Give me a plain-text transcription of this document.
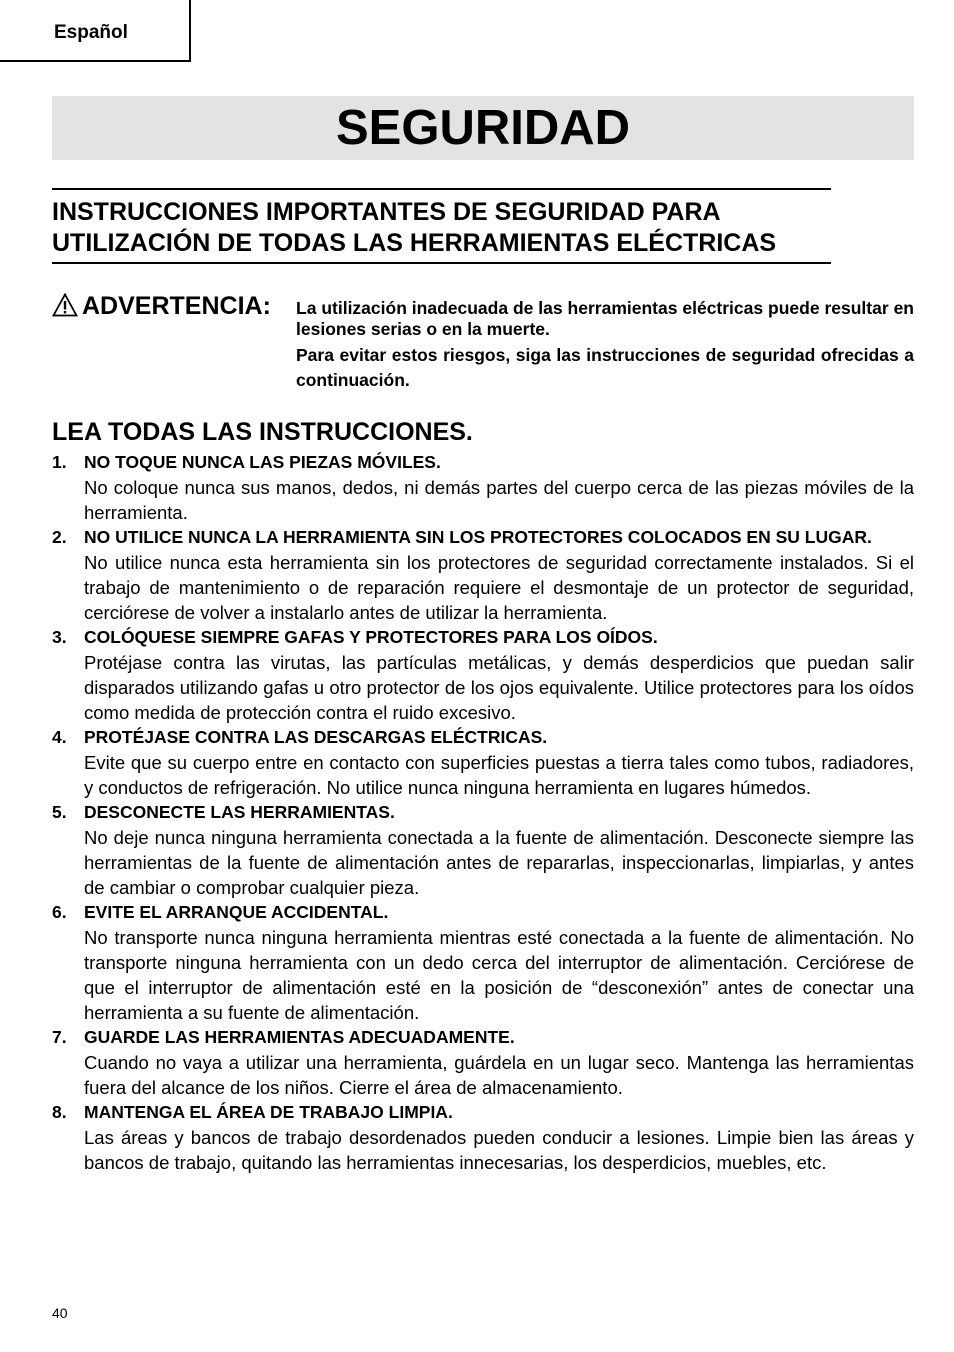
Español
SEGURIDAD
INSTRUCCIONES IMPORTANTES DE SEGURIDAD PARA
UTILIZACIÓN DE TODAS LAS HERRAMIENTAS ELÉCTRICAS
ADVERTENCIA: La utilización inadecuada de las herramientas eléctricas puede resultar en lesiones serias o en la muerte.

Para evitar estos riesgos, siga las instrucciones de seguridad ofrecidas a continuación.

LEA TODAS LAS INSTRUCCIONES.
1. NO TOQUE NUNCA LAS PIEZAS MÓVILES.
No coloque nunca sus manos, dedos, ni demás partes del cuerpo cerca de las piezas móviles de la herramienta.
2. NO UTILICE NUNCA LA HERRAMIENTA SIN LOS PROTECTORES COLOCADOS EN SU LUGAR.
No utilice nunca esta herramienta sin los protectores de seguridad correctamente instalados. Si el trabajo de mantenimiento o de reparación requiere el desmontaje de un protector de seguridad, cerciórese de volver a instalarlo antes de utilizar la herramienta.
3. COLÓQUESE SIEMPRE GAFAS Y PROTECTORES PARA LOS OÍDOS.
Protéjase contra las virutas, las partículas metálicas, y demás desperdicios que puedan salir disparados utilizando gafas u otro protector de los ojos equivalente. Utilice protectores para los oídos como medida de protección contra el ruido excesivo.
4. PROTÉJASE CONTRA LAS DESCARGAS ELÉCTRICAS.
Evite que su cuerpo entre en contacto con superficies puestas a tierra tales como tubos, radiadores, y conductos de refrigeración. No utilice nunca ninguna herramienta en lugares húmedos.
5. DESCONECTE LAS HERRAMIENTAS.
No deje nunca ninguna herramienta conectada a la fuente de alimentación. Desconecte siempre las herramientas de la fuente de alimentación antes de repararlas, inspeccionarlas, limpiarlas, y antes de cambiar o comprobar cualquier pieza.
6. EVITE EL ARRANQUE ACCIDENTAL.
No transporte nunca ninguna herramienta mientras esté conectada a la fuente de alimentación. No transporte ninguna herramienta con un dedo cerca del interruptor de alimentación. Cerciórese de que el interruptor de alimentación esté en la posición de “desconexión” antes de conectar una herramienta a su fuente de alimentación.
7. GUARDE LAS HERRAMIENTAS ADECUADAMENTE.
Cuando no vaya a utilizar una herramienta, guárdela en un lugar seco. Mantenga las herramientas fuera del alcance de los niños. Cierre el área de almacenamiento.
8. MANTENGA EL ÁREA DE TRABAJO LIMPIA.
Las áreas y bancos de trabajo desordenados pueden conducir a lesiones. Limpie bien las áreas y bancos de trabajo, quitando las herramientas innecesarias, los desperdicios, muebles, etc.
40
